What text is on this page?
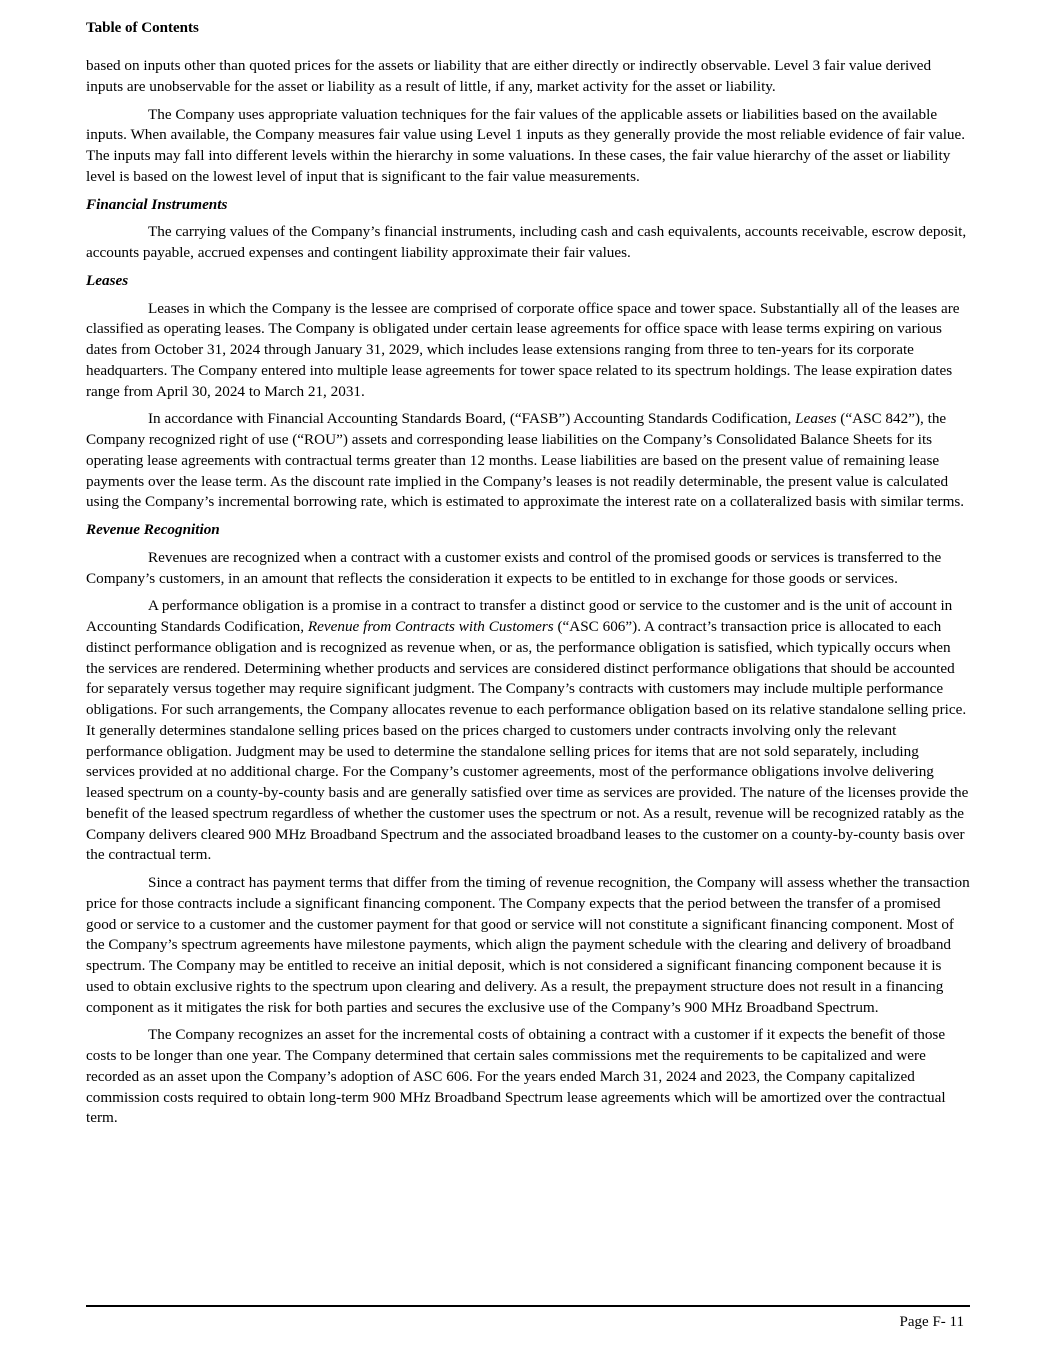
Table of Contents

based on inputs other than quoted prices for the assets or liability that are either directly or indirectly observable. Level 3 fair value derived inputs are unobservable for the asset or liability as a result of little, if any, market activity for the asset or liability.

The Company uses appropriate valuation techniques for the fair values of the applicable assets or liabilities based on the available inputs. When available, the Company measures fair value using Level 1 inputs as they generally provide the most reliable evidence of fair value. The inputs may fall into different levels within the hierarchy in some valuations. In these cases, the fair value hierarchy of the asset or liability level is based on the lowest level of input that is significant to the fair value measurements.

Financial Instruments

The carrying values of the Company’s financial instruments, including cash and cash equivalents, accounts receivable, escrow deposit, accounts payable, accrued expenses and contingent liability approximate their fair values.

Leases

Leases in which the Company is the lessee are comprised of corporate office space and tower space. Substantially all of the leases are classified as operating leases. The Company is obligated under certain lease agreements for office space with lease terms expiring on various dates from October 31, 2024 through January 31, 2029, which includes lease extensions ranging from three to ten-years for its corporate headquarters. The Company entered into multiple lease agreements for tower space related to its spectrum holdings. The lease expiration dates range from April 30, 2024 to March 21, 2031.

In accordance with Financial Accounting Standards Board, (“FASB”) Accounting Standards Codification, Leases (“ASC 842”), the Company recognized right of use (“ROU”) assets and corresponding lease liabilities on the Company’s Consolidated Balance Sheets for its operating lease agreements with contractual terms greater than 12 months. Lease liabilities are based on the present value of remaining lease payments over the lease term. As the discount rate implied in the Company’s leases is not readily determinable, the present value is calculated using the Company’s incremental borrowing rate, which is estimated to approximate the interest rate on a collateralized basis with similar terms.

Revenue Recognition

Revenues are recognized when a contract with a customer exists and control of the promised goods or services is transferred to the Company’s customers, in an amount that reflects the consideration it expects to be entitled to in exchange for those goods or services.

A performance obligation is a promise in a contract to transfer a distinct good or service to the customer and is the unit of account in Accounting Standards Codification, Revenue from Contracts with Customers (“ASC 606”). A contract’s transaction price is allocated to each distinct performance obligation and is recognized as revenue when, or as, the performance obligation is satisfied, which typically occurs when the services are rendered. Determining whether products and services are considered distinct performance obligations that should be accounted for separately versus together may require significant judgment. The Company’s contracts with customers may include multiple performance obligations. For such arrangements, the Company allocates revenue to each performance obligation based on its relative standalone selling price. It generally determines standalone selling prices based on the prices charged to customers under contracts involving only the relevant performance obligation. Judgment may be used to determine the standalone selling prices for items that are not sold separately, including services provided at no additional charge. For the Company’s customer agreements, most of the performance obligations involve delivering leased spectrum on a county-by-county basis and are generally satisfied over time as services are provided. The nature of the licenses provide the benefit of the leased spectrum regardless of whether the customer uses the spectrum or not. As a result, revenue will be recognized ratably as the Company delivers cleared 900 MHz Broadband Spectrum and the associated broadband leases to the customer on a county-by-county basis over the contractual term.

Since a contract has payment terms that differ from the timing of revenue recognition, the Company will assess whether the transaction price for those contracts include a significant financing component. The Company expects that the period between the transfer of a promised good or service to a customer and the customer payment for that good or service will not constitute a significant financing component. Most of the Company’s spectrum agreements have milestone payments, which align the payment schedule with the clearing and delivery of broadband spectrum. The Company may be entitled to receive an initial deposit, which is not considered a significant financing component because it is used to obtain exclusive rights to the spectrum upon clearing and delivery. As a result, the prepayment structure does not result in a financing component as it mitigates the risk for both parties and secures the exclusive use of the Company’s 900 MHz Broadband Spectrum.

The Company recognizes an asset for the incremental costs of obtaining a contract with a customer if it expects the benefit of those costs to be longer than one year. The Company determined that certain sales commissions met the requirements to be capitalized and were recorded as an asset upon the Company’s adoption of ASC 606. For the years ended March 31, 2024 and 2023, the Company capitalized commission costs required to obtain long-term 900 MHz Broadband Spectrum lease agreements which will be amortized over the contractual term.

Page F- 11
